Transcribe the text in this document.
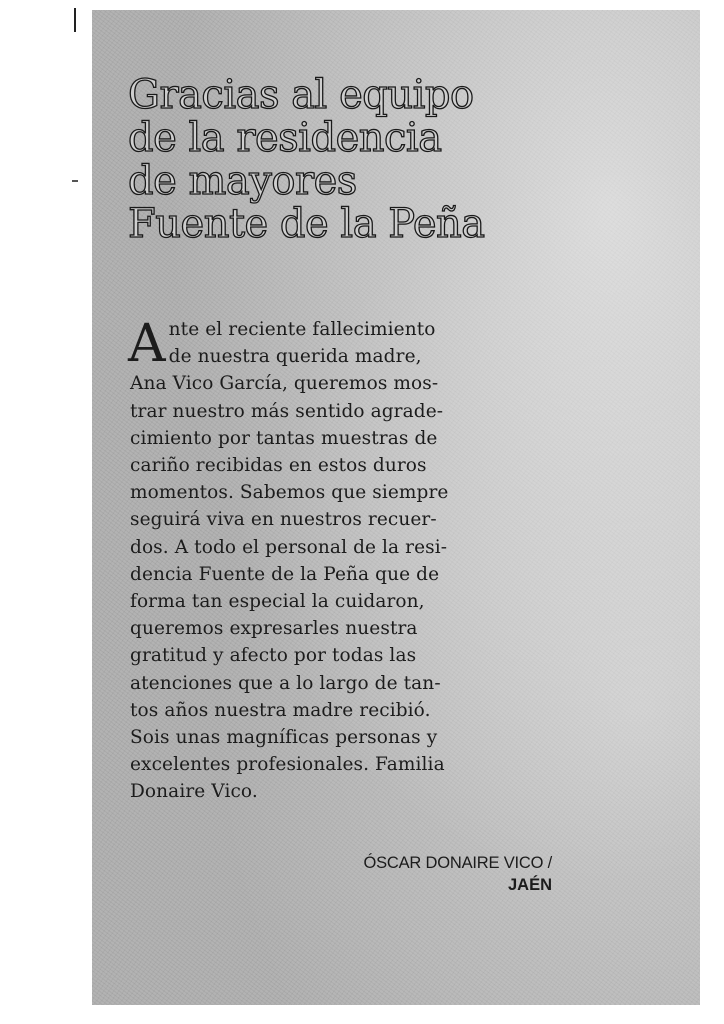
Gracias al equipo
de la residencia
de mayores
Fuente de la Peña
A nte el reciente fallecimiento
de nuestra querida madre,
Ana Vico García, queremos mos-
trar nuestro más sentido agrade-
cimiento por tantas muestras de
cariño recibidas en estos duros
momentos. Sabemos que siempre
seguirá viva en nuestros recuer-
dos. A todo el personal de la resi-
dencia Fuente de la Peña que de
forma tan especial la cuidaron,
queremos expresarles nuestra
gratitud y afecto por todas las
atenciones que a lo largo de tan-
tos años nuestra madre recibió.
Sois unas magníficas personas y
excelentes profesionales. Familia
Donaire Vico.
ÓSCAR DONAIRE VICO /
JAÉN
